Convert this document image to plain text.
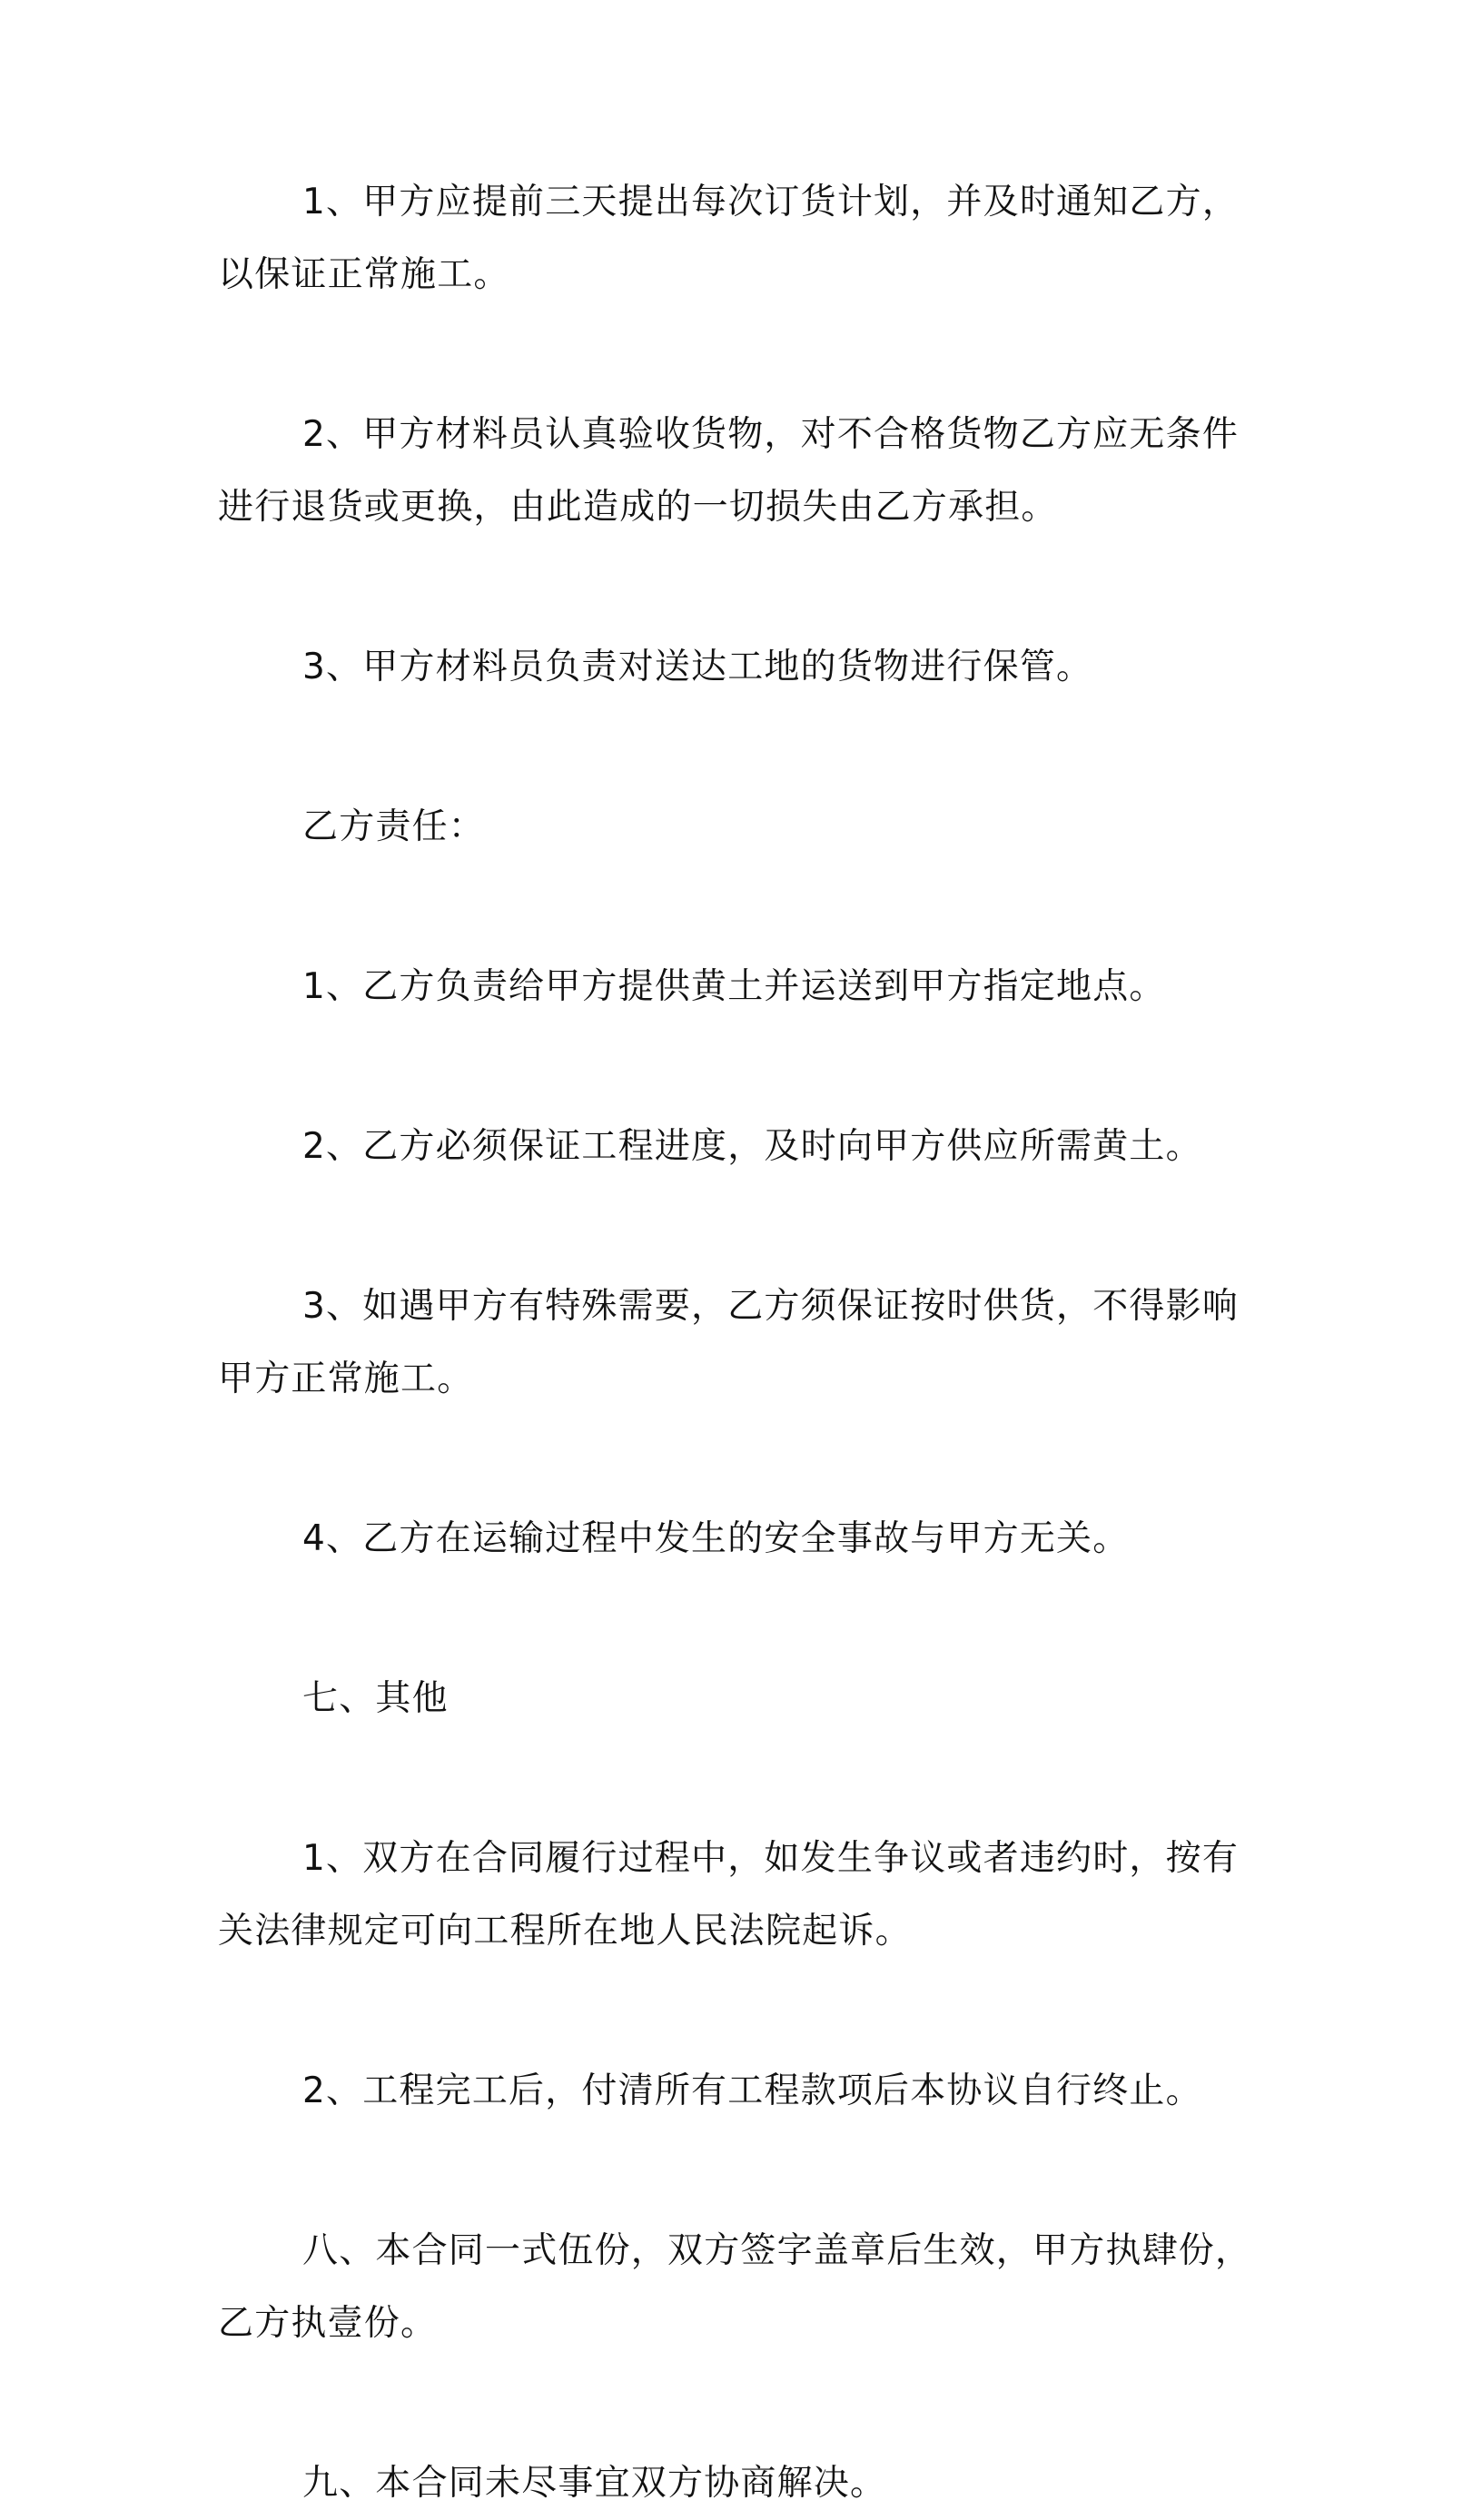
1、甲方应提前三天提出每次订货计划，并及时通知乙方，以保证正常施工。

2、甲方材料员认真验收货物，对不合格货物乙方应无条件进行退货或更换，由此造成的一切损失由乙方承担。

3、甲方材料员负责对送达工地的货物进行保管。

乙方责任：

1、乙方负责给甲方提供黄土并运送到甲方指定地点。

2、乙方必须保证工程进度，及时向甲方供应所需黄土。

3、如遇甲方有特殊需要，乙方须保证按时供货，不得影响甲方正常施工。

4、乙方在运输过程中发生的安全事故与甲方无关。

七、其他

1、双方在合同履行过程中，如发生争议或者违约时，按有关法律规定可向工程所在地人民法院起诉。

2、工程完工后，付清所有工程款项后本协议自行终止。

八、本合同一式伍份，双方签字盖章后生效，甲方执肆份，乙方执壹份。

九、本合同未尽事宜双方协商解决。
